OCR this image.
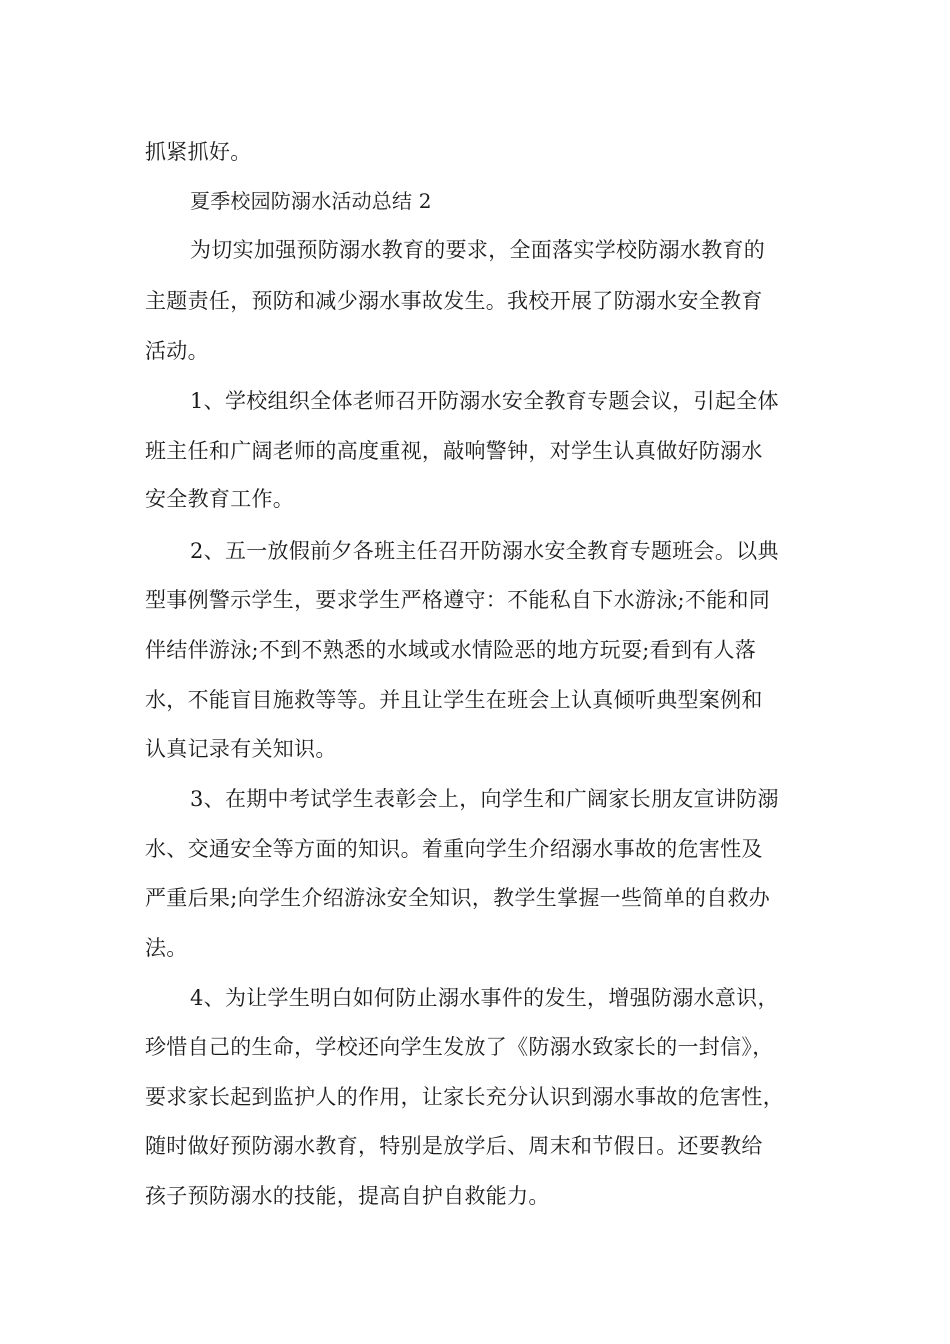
抓紧抓好。
夏季校园防溺水活动总结 2
为切实加强预防溺水教育的要求，全面落实学校防溺水教育的
主题责任，预防和减少溺水事故发生。我校开展了防溺水安全教育
活动。
1、学校组织全体老师召开防溺水安全教育专题会议，引起全体
班主任和广阔老师的高度重视，敲响警钟，对学生认真做好防溺水
安全教育工作。
2、五一放假前夕各班主任召开防溺水安全教育专题班会。以典
型事例警示学生，要求学生严格遵守：不能私自下水游泳;不能和同
伴结伴游泳;不到不熟悉的水域或水情险恶的地方玩耍;看到有人落
水，不能盲目施救等等。并且让学生在班会上认真倾听典型案例和
认真记录有关知识。
3、在期中考试学生表彰会上，向学生和广阔家长朋友宣讲防溺
水、交通安全等方面的知识。着重向学生介绍溺水事故的危害性及
严重后果;向学生介绍游泳安全知识，教学生掌握一些简单的自救办
法。
4、为让学生明白如何防止溺水事件的发生，增强防溺水意识，
珍惜自己的生命，学校还向学生发放了《防溺水致家长的一封信》，
要求家长起到监护人的作用，让家长充分认识到溺水事故的危害性，
随时做好预防溺水教育，特别是放学后、周末和节假日。还要教给
孩子预防溺水的技能，提高自护自救能力。
